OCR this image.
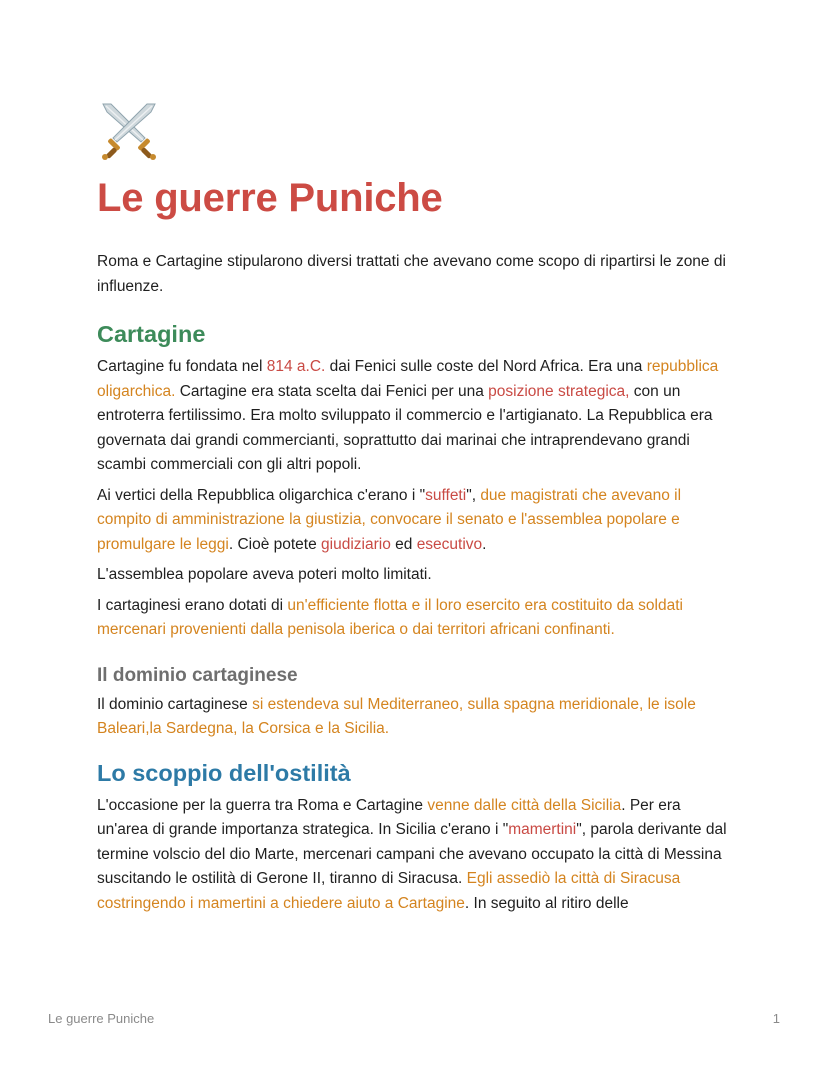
Le guerre Puniche

Roma e Cartagine stipularono diversi trattati che avevano come scopo di ripartirsi le zone di influenze.

Cartagine

Cartagine fu fondata nel 814 a.C. dai Fenici sulle coste del Nord Africa. Era una repubblica oligarchica. Cartagine era stata scelta dai Fenici per una posizione strategica, con un entroterra fertilissimo. Era molto sviluppato il commercio e l'artigianato. La Repubblica era governata dai grandi commercianti, soprattutto dai marinai che intraprendevano grandi scambi commerciali con gli altri popoli.

Ai vertici della Repubblica oligarchica c'erano i "suffeti", due magistrati che avevano il compito di amministrazione la giustizia, convocare il senato e l'assemblea popolare e promulgare le leggi. Cioè potete giudiziario ed esecutivo.

L'assemblea popolare aveva poteri molto limitati.

I cartaginesi erano dotati di un'efficiente flotta e il loro esercito era costituito da soldati mercenari provenienti dalla penisola iberica o dai territori africani confinanti.

Il dominio cartaginese

Il dominio cartaginese si estendeva sul Mediterraneo, sulla spagna meridionale, le isole Baleari,la Sardegna, la Corsica e la Sicilia.

Lo scoppio dell'ostilità

L'occasione per la guerra tra Roma e Cartagine venne dalle città della Sicilia. Per era un'area di grande importanza strategica. In Sicilia c'erano i "mamertini", parola derivante dal termine volscio del dio Marte, mercenari campani che avevano occupato la città di Messina suscitando le ostilità di Gerone II, tiranno di Siracusa. Egli assediò la città di Siracusa costringendo i mamertini a chiedere aiuto a Cartagine. In seguito al ritiro delle

Le guerre Puniche	1
